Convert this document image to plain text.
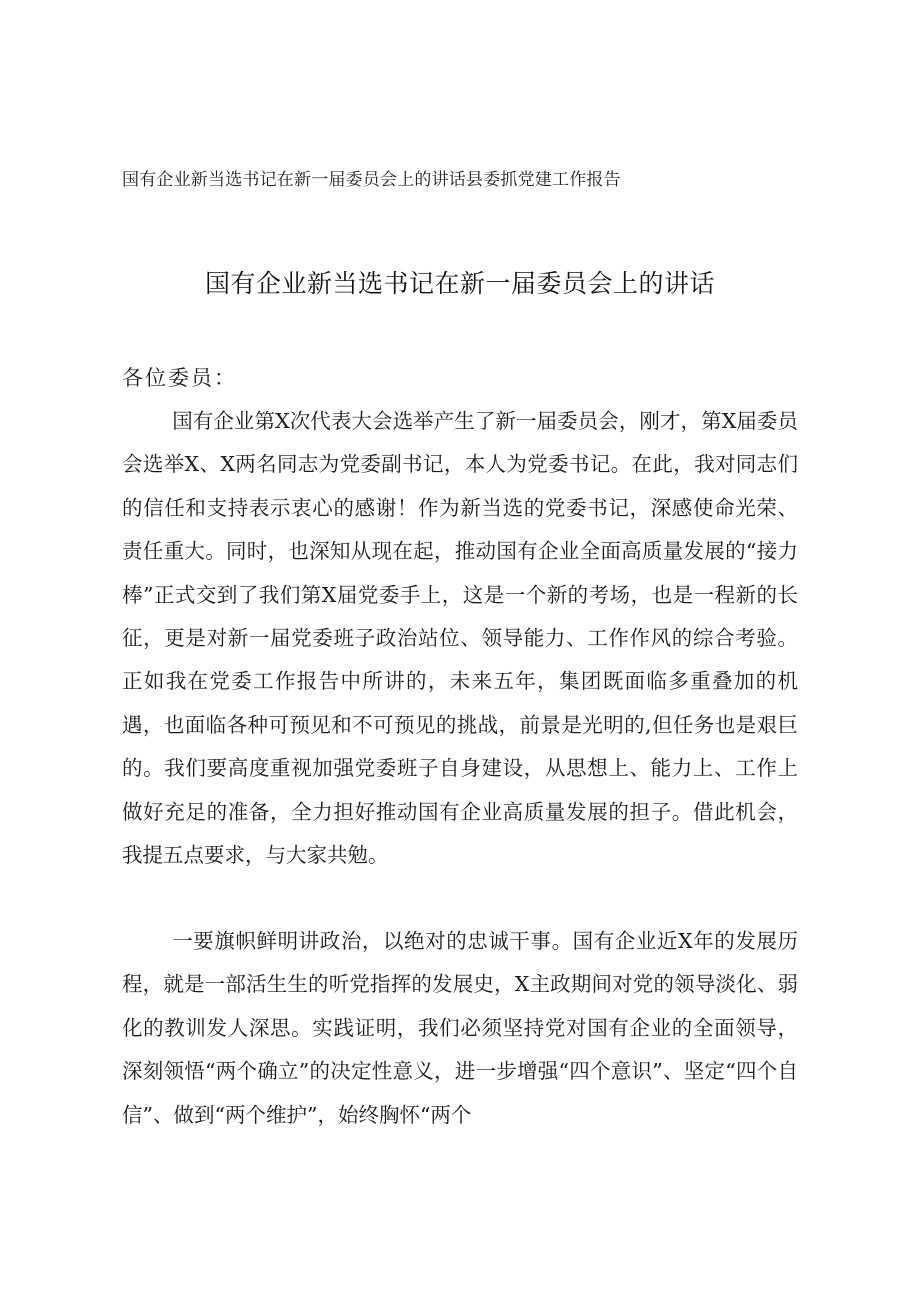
国有企业新当选书记在新一届委员会上的讲话县委抓党建工作报告
国有企业新当选书记在新一届委员会上的讲话
各位委员：

国有企业第X次代表大会选举产生了新一届委员会，刚才，第X届委员会选举X、X两名同志为党委副书记，本人为党委书记。在此，我对同志们的信任和支持表示衷心的感谢！作为新当选的党委书记，深感使命光荣、责任重大。同时，也深知从现在起，推动国有企业全面高质量发展的“接力棒”正式交到了我们第X届党委手上，这是一个新的考场，也是一程新的长征，更是对新一届党委班子政治站位、领导能力、工作作风的综合考验。正如我在党委工作报告中所讲的，未来五年，集团既面临多重叠加的机遇，也面临各种可预见和不可预见的挑战，前景是光明的,但任务也是艰巨的。我们要高度重视加强党委班子自身建设，从思想上、能力上、工作上做好充足的准备，全力担好推动国有企业高质量发展的担子。借此机会，我提五点要求，与大家共勉。

一要旗帜鲜明讲政治，以绝对的忠诚干事。国有企业近X年的发展历程，就是一部活生生的听党指挥的发展史，X主政期间对党的领导淡化、弱化的教训发人深思。实践证明，我们必须坚持党对国有企业的全面领导，深刻领悟“两个确立”的决定性意义，进一步增强“四个意识”、坚定“四个自信”、做到“两个维护”，始终胸怀“两个
